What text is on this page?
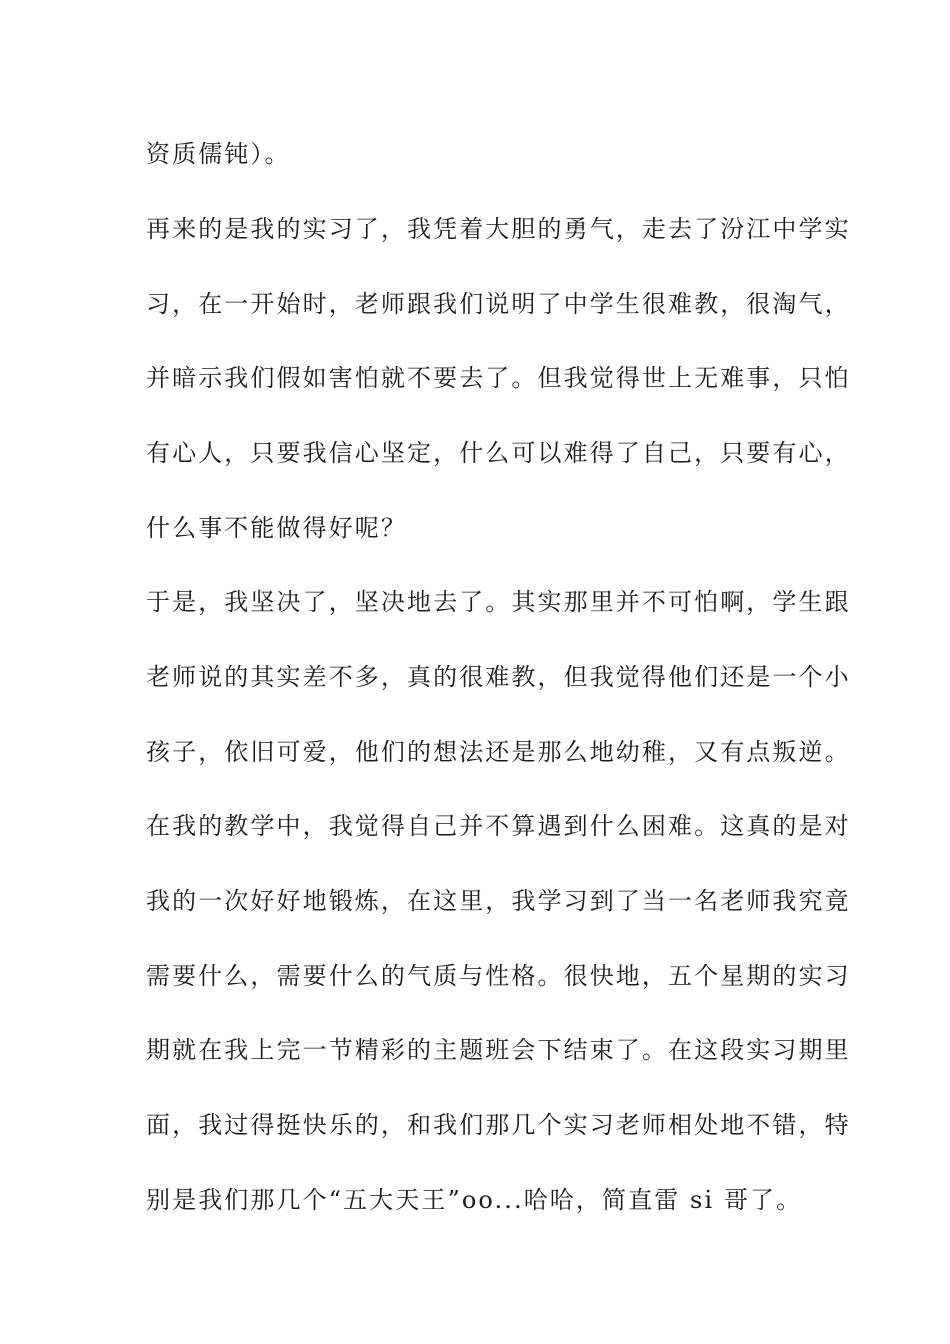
资质儒钝）。
再来的是我的实习了，我凭着大胆的勇气，走去了汾江中学实
习，在一开始时，老师跟我们说明了中学生很难教，很淘气，
并暗示我们假如害怕就不要去了。但我觉得世上无难事，只怕
有心人，只要我信心坚定，什么可以难得了自己，只要有心，
什么事不能做得好呢？
于是，我坚决了，坚决地去了。其实那里并不可怕啊，学生跟
老师说的其实差不多，真的很难教，但我觉得他们还是一个小
孩子，依旧可爱，他们的想法还是那么地幼稚，又有点叛逆。
在我的教学中，我觉得自己并不算遇到什么困难。这真的是对
我的一次好好地锻炼，在这里，我学习到了当一名老师我究竟
需要什么，需要什么的气质与性格。很快地，五个星期的实习
期就在我上完一节精彩的主题班会下结束了。在这段实习期里
面，我过得挺快乐的，和我们那几个实习老师相处地不错，特
别是我们那几个“五大天王”oo...哈哈，简直雷 si 哥了。
